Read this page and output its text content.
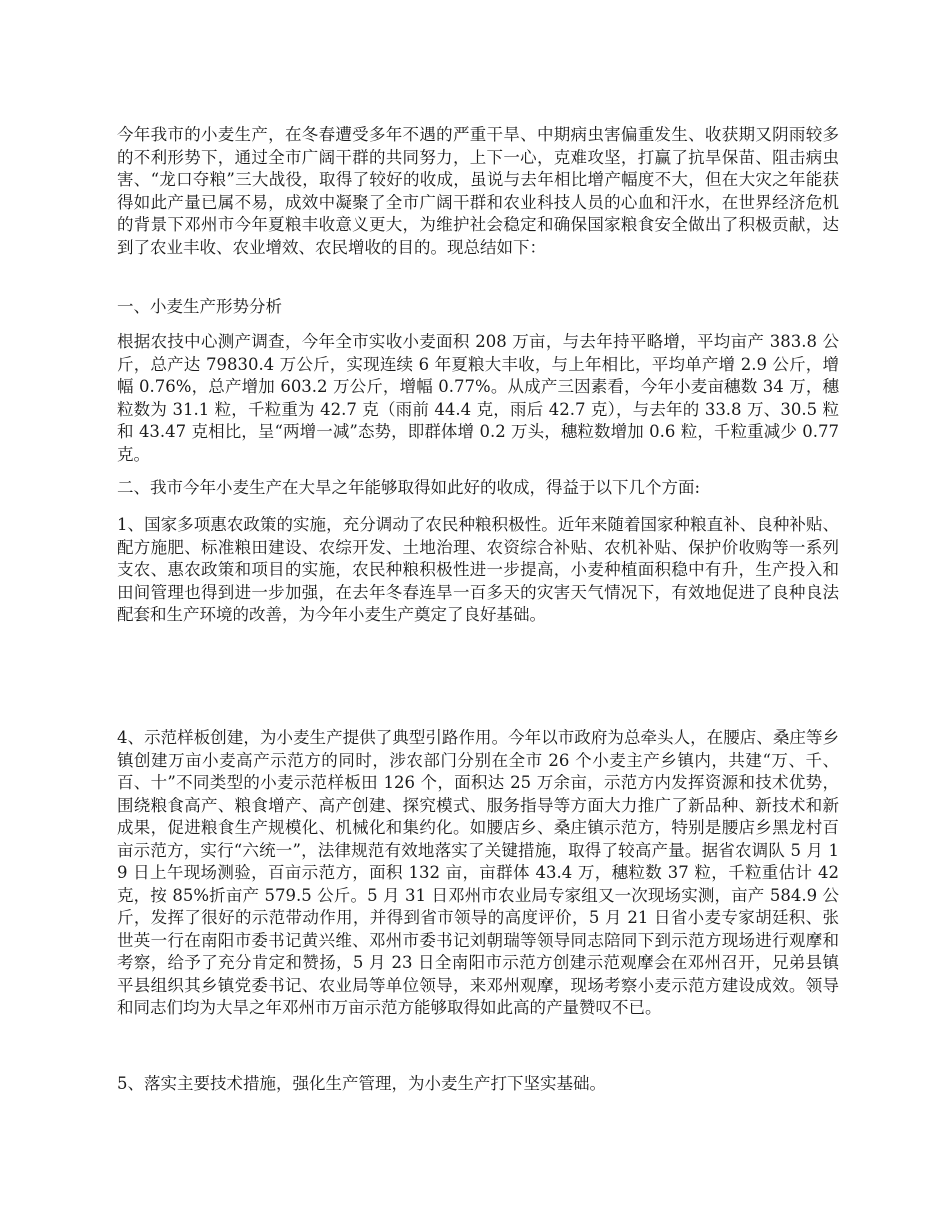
今年我市的小麦生产，在冬春遭受多年不遇的严重干旱、中期病虫害偏重发生、收获期又阴雨较多的不利形势下，通过全市广阔干群的共同努力，上下一心，克难攻坚，打赢了抗旱保苗、阻击病虫害、“龙口夺粮”三大战役，取得了较好的收成，虽说与去年相比增产幅度不大，但在大灾之年能获得如此产量已属不易，成效中凝聚了全市广阔干群和农业科技人员的心血和汗水，在世界经济危机的背景下邓州市今年夏粮丰收意义更大，为维护社会稳定和确保国家粮食安全做出了积极贡献，达到了农业丰收、农业增效、农民增收的目的。现总结如下：

一、小麦生产形势分析

根据农技中心测产调查，今年全市实收小麦面积 208 万亩，与去年持平略增，平均亩产 383.8 公斤，总产达 79830.4 万公斤，实现连续 6 年夏粮大丰收，与上年相比，平均单产增 2.9 公斤，增幅 0.76%，总产增加 603.2 万公斤，增幅 0.77%。从成产三因素看，今年小麦亩穗数 34 万，穗粒数为 31.1 粒，千粒重为 42.7 克（雨前 44.4 克，雨后 42.7 克），与去年的 33.8 万、30.5 粒和 43.47 克相比，呈“两增一减”态势，即群体增 0.2 万头，穗粒数增加 0.6 粒，千粒重减少 0.77 克。

二、我市今年小麦生产在大旱之年能够取得如此好的收成，得益于以下几个方面:

1、国家多项惠农政策的实施，充分调动了农民种粮积极性。近年来随着国家种粮直补、良种补贴、配方施肥、标准粮田建设、农综开发、土地治理、农资综合补贴、农机补贴、保护价收购等一系列支农、惠农政策和项目的实施，农民种粮积极性进一步提高，小麦种植面积稳中有升，生产投入和田间管理也得到进一步加强，在去年冬春连旱一百多天的灾害天气情况下，有效地促进了良种良法配套和生产环境的改善，为今年小麦生产奠定了良好基础。

4、示范样板创建，为小麦生产提供了典型引路作用。今年以市政府为总牵头人，在腰店、桑庄等乡镇创建万亩小麦高产示范方的同时，涉农部门分别在全市 26 个小麦主产乡镇内，共建“万、千、百、十”不同类型的小麦示范样板田 126 个，面积达 25 万余亩，示范方内发挥资源和技术优势，围绕粮食高产、粮食增产、高产创建、探究模式、服务指导等方面大力推广了新品种、新技术和新成果，促进粮食生产规模化、机械化和集约化。如腰店乡、桑庄镇示范方，特别是腰店乡黑龙村百亩示范方，实行“六统一”，法律规范有效地落实了关键措施，取得了较高产量。据省农调队 5 月 19 日上午现场测验，百亩示范方，面积 132 亩，亩群体 43.4 万，穗粒数 37 粒，千粒重估计 42 克，按 85%折亩产 579.5 公斤。5 月 31 日邓州市农业局专家组又一次现场实测，亩产 584.9 公斤，发挥了很好的示范带动作用，并得到省市领导的高度评价，5 月 21 日省小麦专家胡廷积、张世英一行在南阳市委书记黄兴维、邓州市委书记刘朝瑞等领导同志陪同下到示范方现场进行观摩和考察，给予了充分肯定和赞扬，5 月 23 日全南阳市示范方创建示范观摩会在邓州召开，兄弟县镇平县组织其乡镇党委书记、农业局等单位领导，来邓州观摩，现场考察小麦示范方建设成效。领导和同志们均为大旱之年邓州市万亩示范方能够取得如此高的产量赞叹不已。

5、落实主要技术措施，强化生产管理，为小麦生产打下坚实基础。
